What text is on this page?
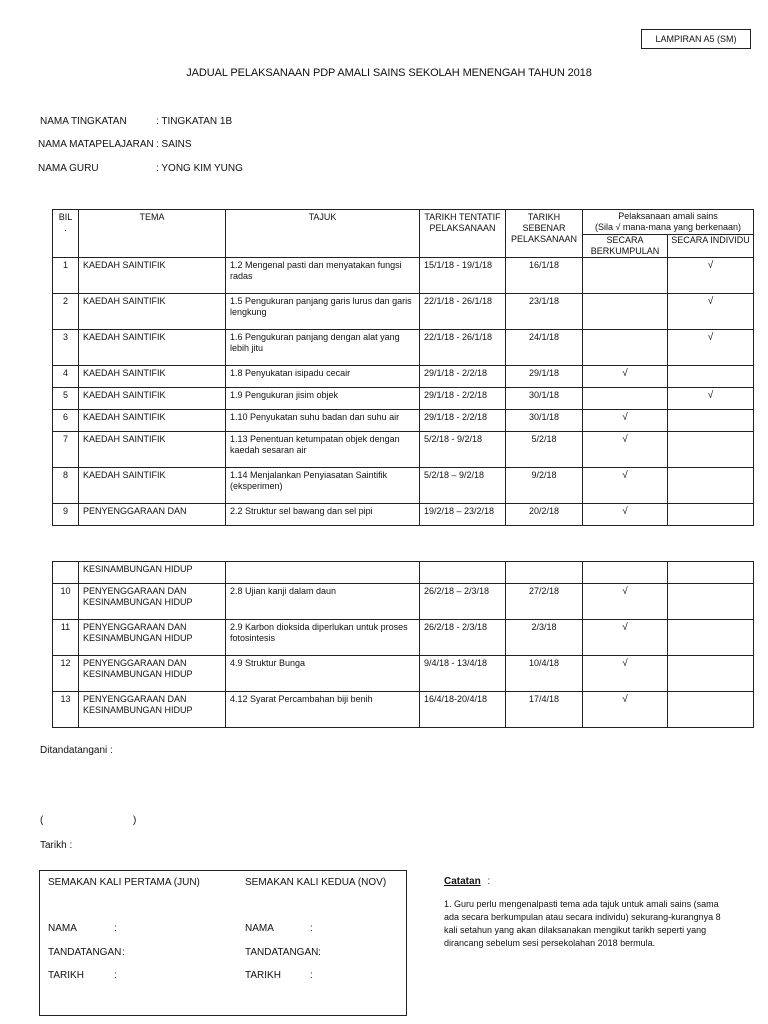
LAMPIRAN A5 (SM)
JADUAL PELAKSANAAN PDP AMALI SAINS SEKOLAH MENENGAH TAHUN 2018
NAMA TINGKATAN	: TINGKATAN 1B
NAMA MATAPELAJARAN : SAINS
NAMA GURU	: YONG KIM YUNG
BIL .	TEMA	TAJUK	TARIKH TENTATIF PELAKSANAAN	TARIKH SEBENAR PELAKSANAAN	Pelaksanaan amali sains
(Sila √ mana-mana yang berkenaan)	

					SECARA BERKUMPULAN	SECARA INDIVIDU
1	KAEDAH SAINTIFIK	1.2 Mengenal pasti dan menyatakan fungsi radas	15/1/18 - 19/1/18	16/1/18		√
2	KAEDAH SAINTIFIK	1.5 Pengukuran panjang garis lurus dan garis lengkung	22/1/18 - 26/1/18	23/1/18		√
3	KAEDAH SAINTIFIK	1.6 Pengukuran panjang dengan alat yang lebih jitu	22/1/18 - 26/1/18	24/1/18		√
4	KAEDAH SAINTIFIK	1.8 Penyukatan isipadu cecair	29/1/18 - 2/2/18	29/1/18	√	
5	KAEDAH SAINTIFIK	1.9 Pengukuran jisim objek	29/1/18 - 2/2/18	30/1/18		√
6	KAEDAH SAINTIFIK	1.10 Penyukatan suhu badan dan suhu air	29/1/18 - 2/2/18	30/1/18	√	
7	KAEDAH SAINTIFIK	1.13 Penentuan ketumpatan objek dengan kaedah sesaran air	5/2/18 - 9/2/18	5/2/18	√	
8	KAEDAH SAINTIFIK	1.14 Menjalankan Penyiasatan Saintifik (eksperimen)	5/2/18 – 9/2/18	9/2/18	√	
9	PENYENGGARAAN DAN	2.2 Struktur sel bawang dan sel pipi	19/2/18 – 23/2/18	20/2/18	√	
	KESINAMBUNGAN HIDUP					
10	PENYENGGARAAN DAN KESINAMBUNGAN HIDUP	2.8 Ujian kanji dalam daun	26/2/18 – 2/3/18	27/2/18	√	
11	PENYENGGARAAN DAN KESINAMBUNGAN HIDUP	2.9 Karbon dioksida diperlukan untuk proses fotosintesis	26/2/18 - 2/3/18	2/3/18	√	
12	PENYENGGARAAN DAN KESINAMBUNGAN HIDUP	4.9 Struktur Bunga	9/4/18 - 13/4/18	10/4/18	√	
13	PENYENGGARAAN DAN KESINAMBUNGAN HIDUP	4.12 Syarat Percambahan biji benih	16/4/18-20/4/18	17/4/18	√	
Ditandatangani :
(	)
Tarikh :
SEMAKAN KALI PERTAMA (JUN)	SEMAKAN KALI KEDUA (NOV)
NAMA	:	NAMA	:
TANDATANGAN :	TANDATANGAN :
TARIKH	:	TARIKH	:
Catatan :
1. Guru perlu mengenalpasti tema ada tajuk untuk amali sains (sama ada secara berkumpulan atau secara individu) sekurang-kurangnya 8 kali setahun yang akan dilaksanakan mengikut tarikh seperti yang dirancang sebelum sesi persekolahan 2018 bermula.
